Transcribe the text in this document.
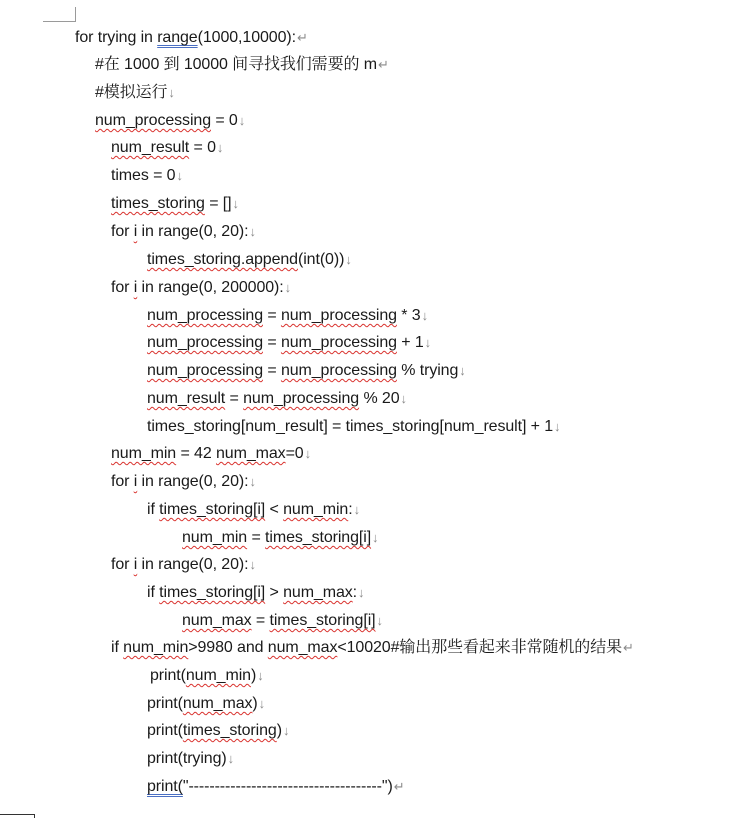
for trying in range(1000,10000):↵
#在 1000 到 10000 间寻找我们需要的 m↵
#模拟运行↓
num_processing = 0↓
num_result = 0↓
times = 0↓
times_storing = []↓
for i in range(0, 20):↓
times_storing.append(int(0))↓
for i in range(0, 200000):↓
num_processing = num_processing * 3↓
num_processing = num_processing + 1↓
num_processing = num_processing % trying↓
num_result = num_processing % 20↓
times_storing[num_result] = times_storing[num_result] + 1↓
num_min = 42 num_max=0↓
for i in range(0, 20):↓
if times_storing[i] < num_min:↓
num_min = times_storing[i]↓
for i in range(0, 20):↓
if times_storing[i] > num_max:↓
num_max = times_storing[i]↓
if num_min>9980 and num_max<10020#输出那些看起来非常随机的结果↵
print(num_min)↓
print(num_max)↓
print(times_storing)↓
print(trying)↓
print("-------------------------------------")↵
